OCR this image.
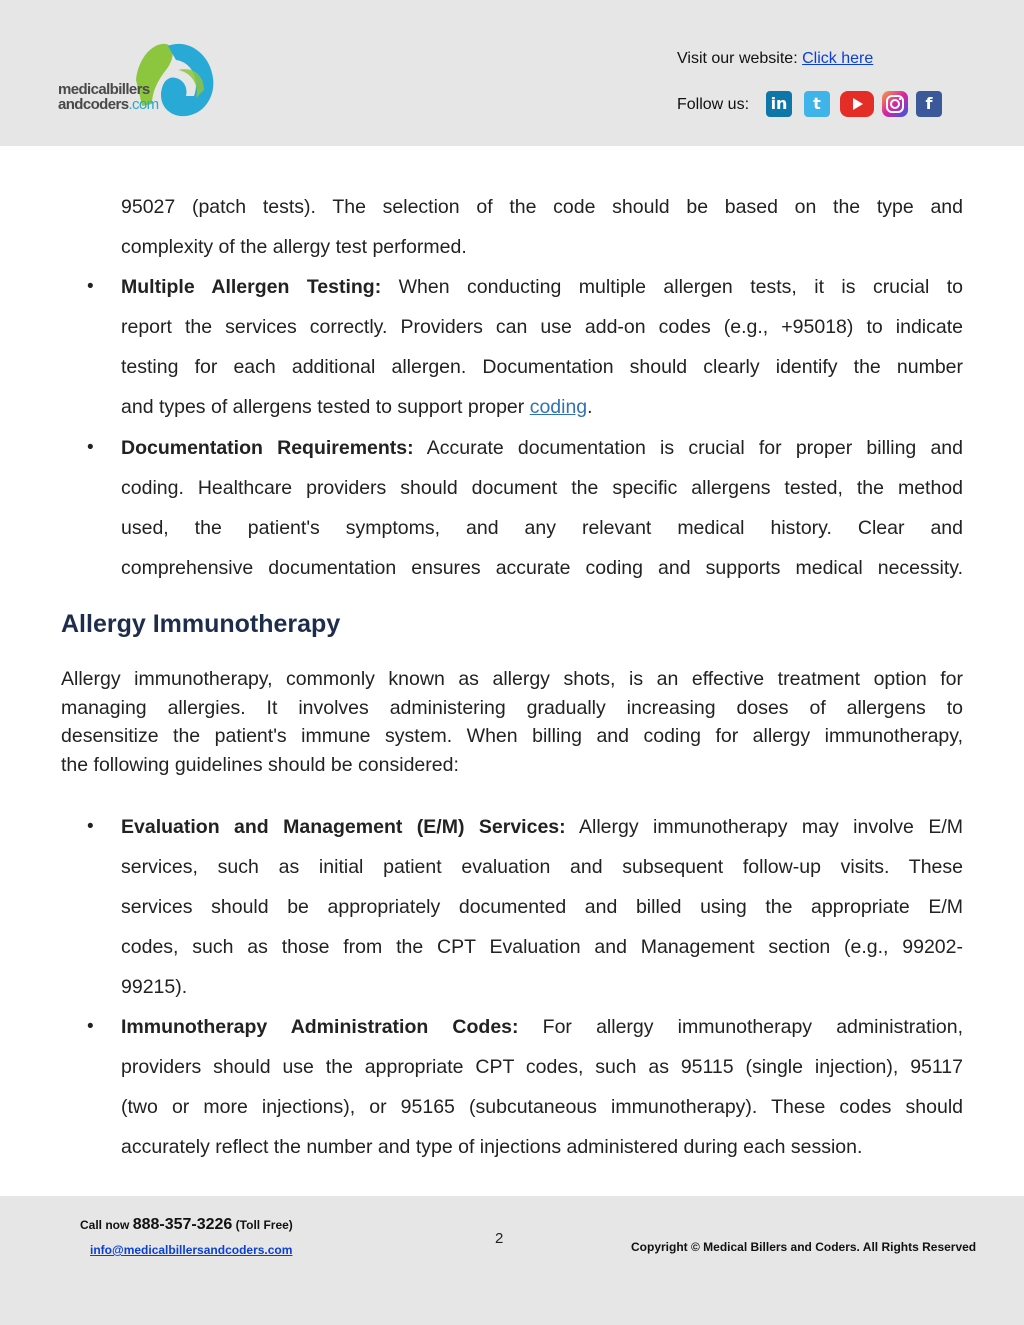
medicalbillers
andcoders.com
Visit our website: Click here
Follow us: in	t	f
95027 (patch tests). The selection of the code should be based on the type and
complexity of the allergy test performed.
• Multiple Allergen Testing: When conducting multiple allergen tests, it is crucial to
report the services correctly. Providers can use add-on codes (e.g., +95018) to indicate
testing for each additional allergen. Documentation should clearly identify the number
and types of allergens tested to support proper coding.
• Documentation Requirements: Accurate documentation is crucial for proper billing and
coding. Healthcare providers should document the specific allergens tested, the method
used, the patient's symptoms, and any relevant medical history. Clear and
comprehensive documentation ensures accurate coding and supports medical necessity.
Allergy Immunotherapy
Allergy immunotherapy, commonly known as allergy shots, is an effective treatment option for
managing allergies. It involves administering gradually increasing doses of allergens to
desensitize the patient's immune system. When billing and coding for allergy immunotherapy,
the following guidelines should be considered:
• Evaluation and Management (E/M) Services: Allergy immunotherapy may involve E/M
services, such as initial patient evaluation and subsequent follow-up visits. These
services should be appropriately documented and billed using the appropriate E/M
codes, such as those from the CPT Evaluation and Management section (e.g., 99202-
99215).
• Immunotherapy Administration Codes: For allergy immunotherapy administration,
providers should use the appropriate CPT codes, such as 95115 (single injection), 95117
(two or more injections), or 95165 (subcutaneous immunotherapy). These codes should
accurately reflect the number and type of injections administered during each session.
Call now 888-357-3226 (Toll Free)
info@medicalbillersandcoders.com
2	Copyright © Medical Billers and Coders. All Rights Reserved
